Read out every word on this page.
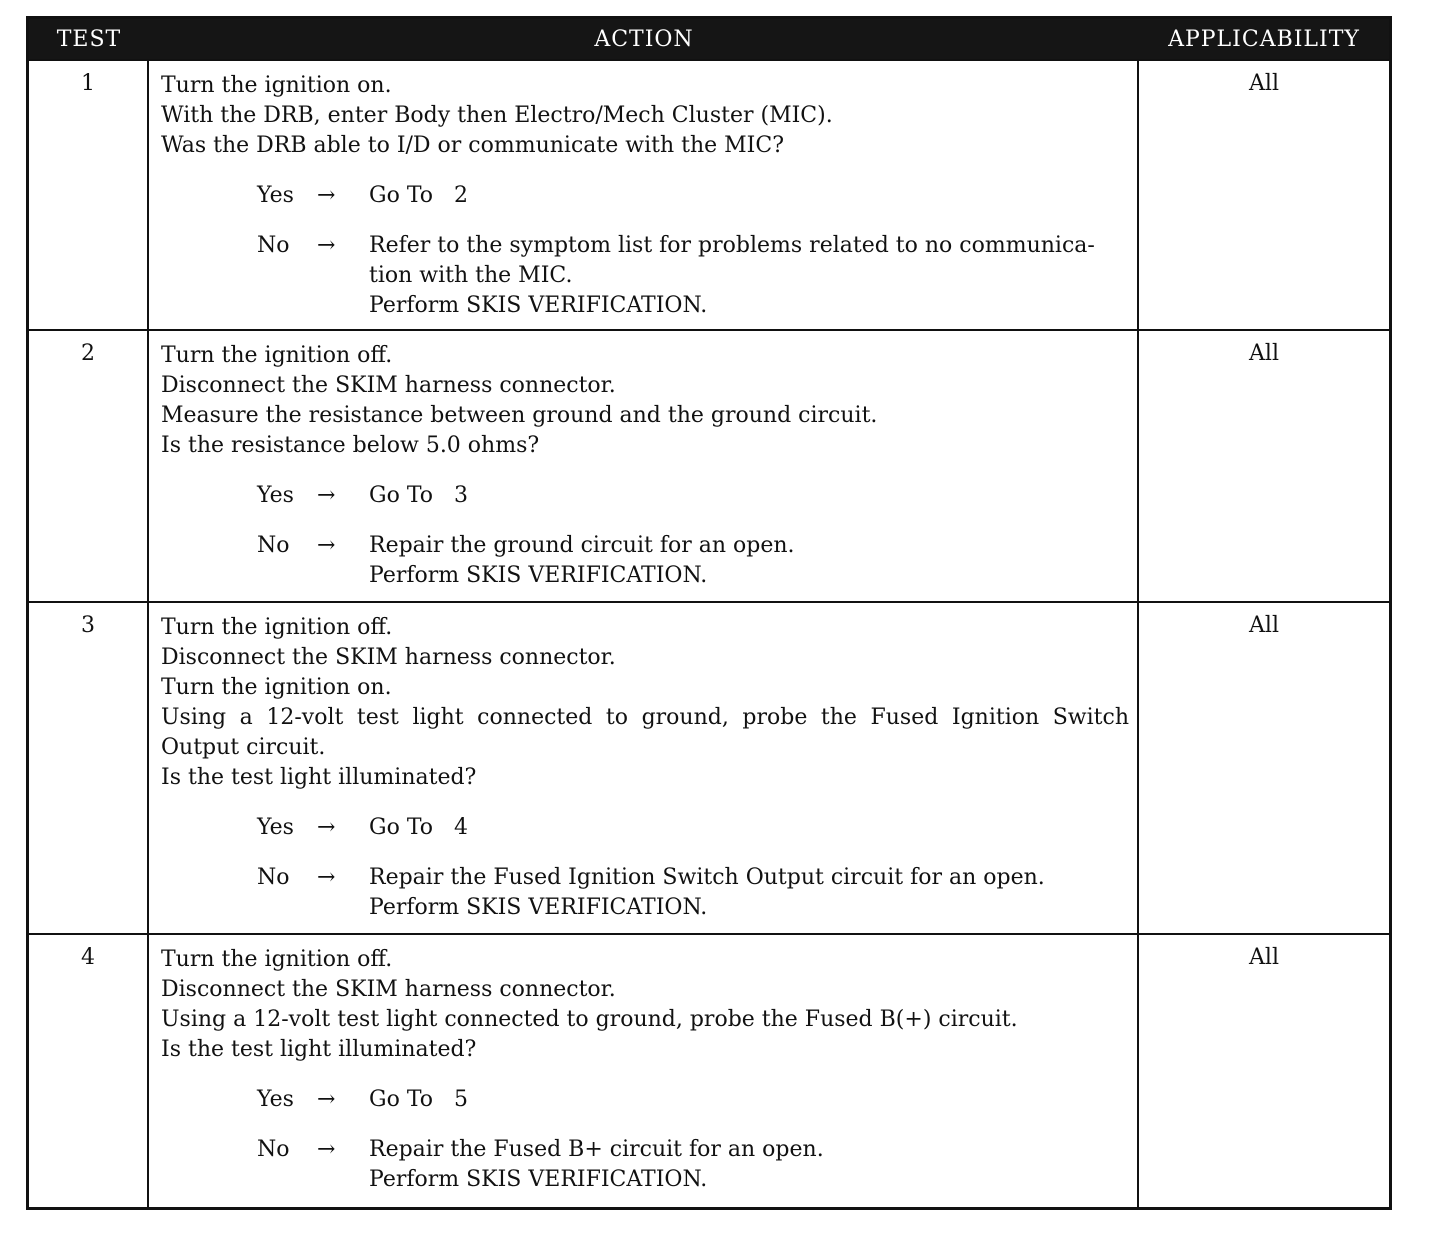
TEST	ACTION	APPLICABILITY
1	Turn the ignition on.
With the DRB, enter Body then Electro/Mech Cluster (MIC).
Was the DRB able to I/D or communicate with the MIC?
Yes	→	Go To   2
No	→	Refer to the symptom list for problems related to no communica-
tion with the MIC.
Perform SKIS VERIFICATION.
All
2	Turn the ignition off.
Disconnect the SKIM harness connector.
Measure the resistance between ground and the ground circuit.
Is the resistance below 5.0 ohms?
Yes	→	Go To   3
No	→	Repair the ground circuit for an open.
Perform SKIS VERIFICATION.
All
3	Turn the ignition off.
Disconnect the SKIM harness connector.
Turn the ignition on.
Using a 12-volt test light connected to ground, probe the Fused Ignition Switch
Output circuit.
Is the test light illuminated?
Yes	→	Go To   4
No	→	Repair the Fused Ignition Switch Output circuit for an open.
Perform SKIS VERIFICATION.
All
4	Turn the ignition off.
Disconnect the SKIM harness connector.
Using a 12-volt test light connected to ground, probe the Fused B(+) circuit.
Is the test light illuminated?
Yes	→	Go To   5
No	→	Repair the Fused B+ circuit for an open.
Perform SKIS VERIFICATION.
All
